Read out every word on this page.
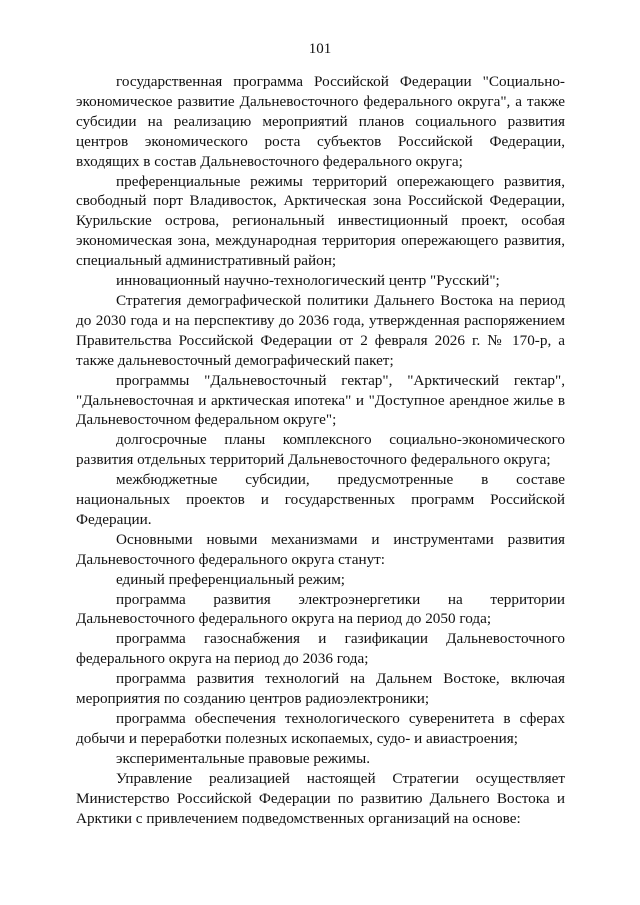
101

государственная программа Российской Федерации "Социально-экономическое развитие Дальневосточного федерального округа", а также субсидии на реализацию мероприятий планов социального развития центров экономического роста субъектов Российской Федерации, входящих в состав Дальневосточного федерального округа;

преференциальные режимы территорий опережающего развития, свободный порт Владивосток, Арктическая зона Российской Федерации, Курильские острова, региональный инвестиционный проект, особая экономическая зона, международная территория опережающего развития, специальный административный район;

инновационный научно-технологический центр "Русский";

Стратегия демографической политики Дальнего Востока на период до 2030 года и на перспективу до 2036 года, утвержденная распоряжением Правительства Российской Федерации от 2 февраля 2026 г. № 170-р, а также дальневосточный демографический пакет;

программы "Дальневосточный гектар", "Арктический гектар", "Дальневосточная и арктическая ипотека" и "Доступное арендное жилье в Дальневосточном федеральном округе";

долгосрочные планы комплексного социально-экономического развития отдельных территорий Дальневосточного федерального округа;

межбюджетные субсидии, предусмотренные в составе национальных проектов и государственных программ Российской Федерации.

Основными новыми механизмами и инструментами развития Дальневосточного федерального округа станут:

единый преференциальный режим;

программа развития электроэнергетики на территории Дальневосточного федерального округа на период до 2050 года;

программа газоснабжения и газификации Дальневосточного федерального округа на период до 2036 года;

программа развития технологий на Дальнем Востоке, включая мероприятия по созданию центров радиоэлектроники;

программа обеспечения технологического суверенитета в сферах добычи и переработки полезных ископаемых, судо- и авиастроения;

экспериментальные правовые режимы.

Управление реализацией настоящей Стратегии осуществляет Министерство Российской Федерации по развитию Дальнего Востока и Арктики с привлечением подведомственных организаций на основе:
